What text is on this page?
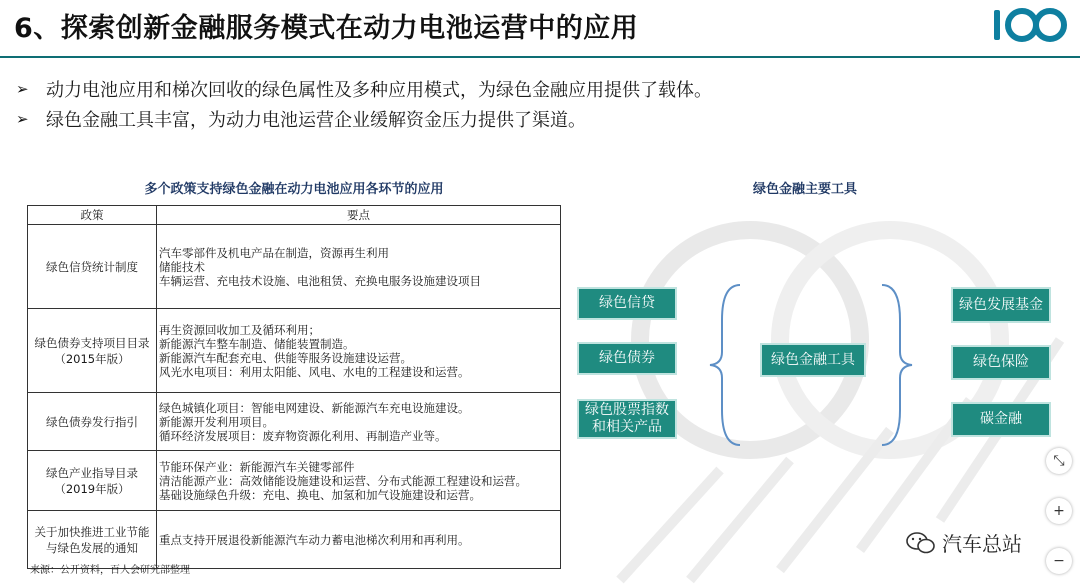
6、探索创新金融服务模式在动力电池运营中的应用
➢ 动力电池应用和梯次回收的绿色属性及多种应用模式，为绿色金融应用提供了载体。
➢ 绿色金融工具丰富，为动力电池运营企业缓解资金压力提供了渠道。
多个政策支持绿色金融在动力电池应用各环节的应用
政策	要点

绿色信贷统计制度	汽车零部件及机电产品在制造，资源再生利用
储能技术
车辆运营、充电技术设施、电池租赁、充换电服务设施建设项目

绿色债券支持项目目录
（2015年版）	再生资源回收加工及循环利用；
新能源汽车整车制造、储能装置制造。
新能源汽车配套充电、供能等服务设施建设运营。
风光水电项目：利用太阳能、风电、水电的工程建设和运营。

绿色债券发行指引	绿色城镇化项目：智能电网建设、新能源汽车充电设施建设。
新能源开发利用项目。
循环经济发展项目：废弃物资源化利用、再制造产业等。

绿色产业指导目录
（2019年版）	节能环保产业：新能源汽车关键零部件
清洁能源产业：高效储能设施建设和运营、分布式能源工程建设和运营。
基础设施绿色升级：充电、换电、加氢和加气设施建设和运营。

关于加快推进工业节能
与绿色发展的通知	重点支持开展退役新能源汽车动力蓄电池梯次利用和再利用。
来源：公开资料，百人会研究部整理
绿色金融主要工具
绿色信贷
绿色债券
绿色股票指数和相关产品
绿色金融工具
绿色发展基金
绿色保险
碳金融
⤡
+
−
汽车总站
